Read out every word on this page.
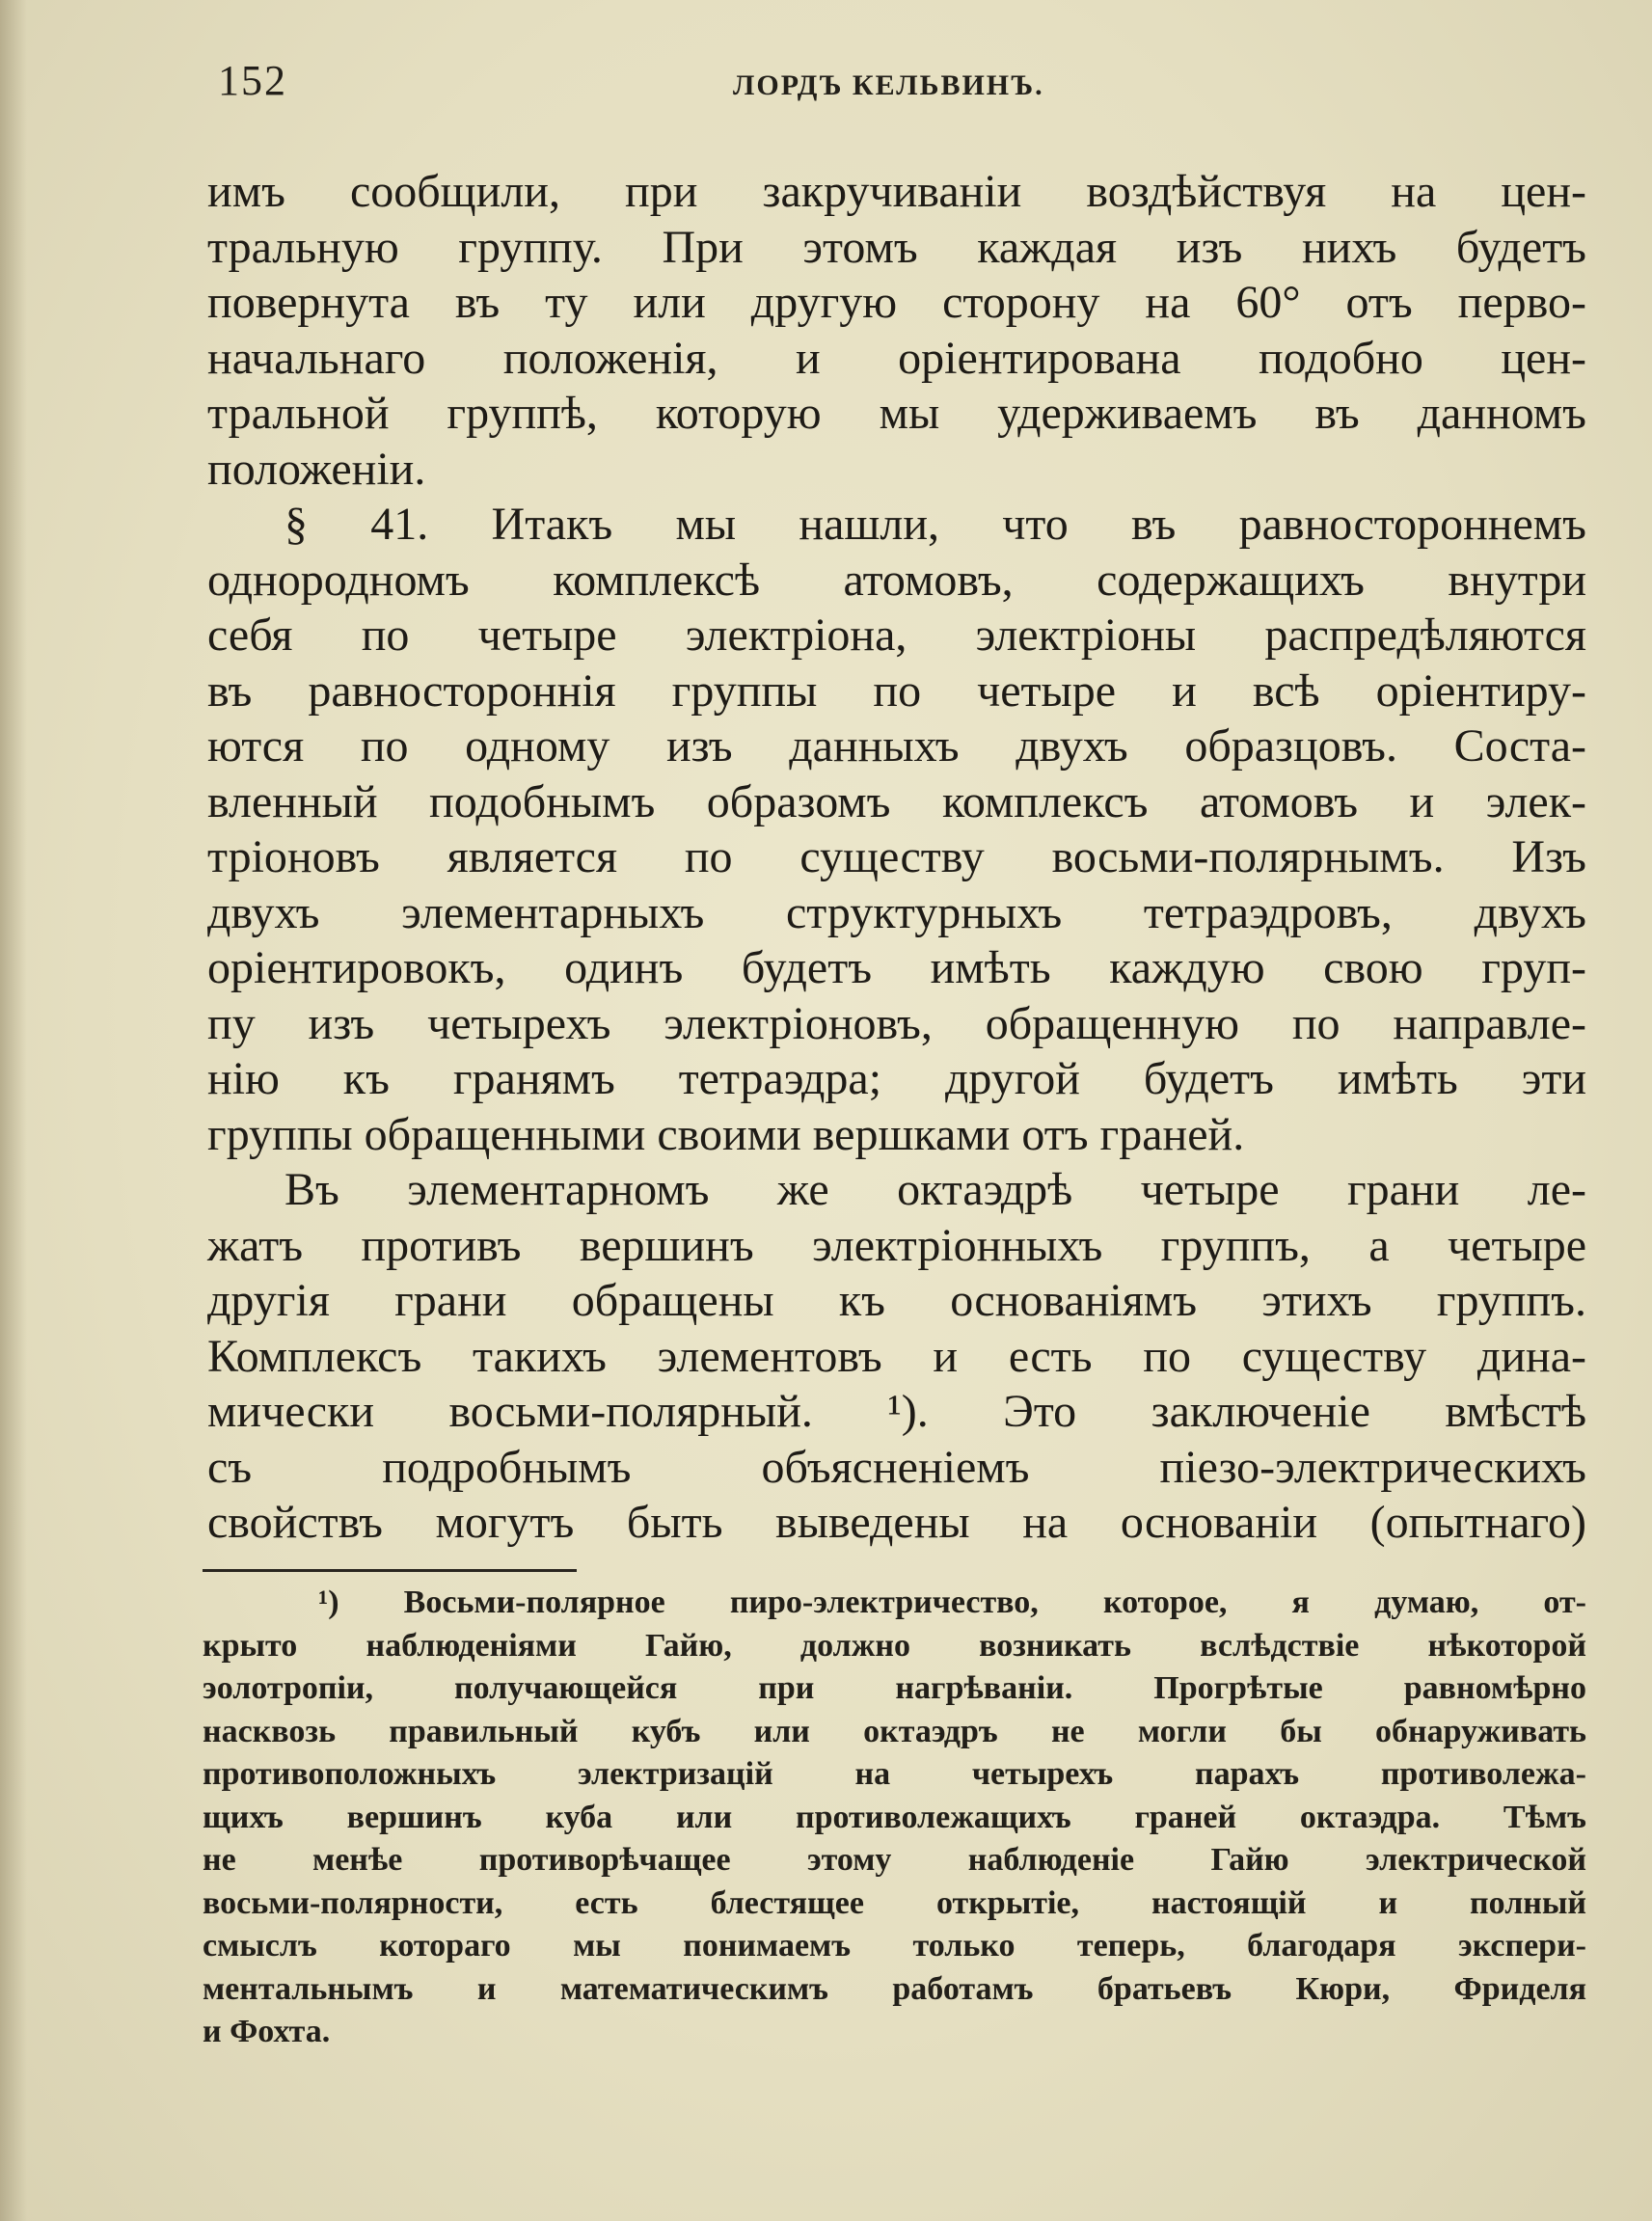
152	ЛОРДЪ КЕЛЬВИНЪ.
имъ сообщили, при закручиваніи воздѣйствуя на цен-
тральную группу. При этомъ каждая изъ нихъ будетъ
повернута въ ту или другую сторону на 60° отъ перво-
начальнаго положенія, и оріентирована подобно цен-
тральной группѣ, которую мы удерживаемъ въ данномъ
положеніи.
§ 41. Итакъ мы нашли, что въ равностороннемъ
однородномъ комплексѣ атомовъ, содержащихъ внутри
себя по четыре электріона, электріоны распредѣляются
въ равностороннія группы по четыре и всѣ оріентиру-
ются по одному изъ данныхъ двухъ образцовъ. Соста-
вленный подобнымъ образомъ комплексъ атомовъ и элек-
тріоновъ является по существу восьми-полярнымъ. Изъ
двухъ элементарныхъ структурныхъ тетраэдровъ, двухъ
оріентировокъ, одинъ будетъ имѣть каждую свою груп-
пу изъ четырехъ электріоновъ, обращенную по направле-
нію къ гранямъ тетраэдра; другой будетъ имѣть эти
группы обращенными своими вершками отъ граней.
Въ элементарномъ же октаэдрѣ четыре грани ле-
жатъ противъ вершинъ электріонныхъ группъ, а четыре
другія грани обращены къ основаніямъ этихъ группъ.
Комплексъ такихъ элементовъ и есть по существу дина-
мически восьми-полярный. ¹). Это заключеніе вмѣстѣ
съ подробнымъ объясненіемъ піезо-электрическихъ
свойствъ могутъ быть выведены на основаніи (опытнаго)
¹) Восьми-полярное пиро-электричество, которое, я думаю, от-
крыто наблюденіями Гайю, должно возникать вслѣдствіе нѣкоторой
эолотропіи, получающейся при нагрѣваніи. Прогрѣтые равномѣрно
насквозь правильный кубъ или октаэдръ не могли бы обнаруживать
противоположныхъ электризацій на четырехъ парахъ противолежа-
щихъ вершинъ куба или противолежащихъ граней октаэдра. Тѣмъ
не менѣе противорѣчащее этому наблюденіе Гайю электрической
восьми-полярности, есть блестящее открытіе, настоящій и полный
смыслъ котораго мы понимаемъ только теперь, благодаря экспери-
ментальнымъ и математическимъ работамъ братьевъ Кюри, Фриделя
и Фохта.
